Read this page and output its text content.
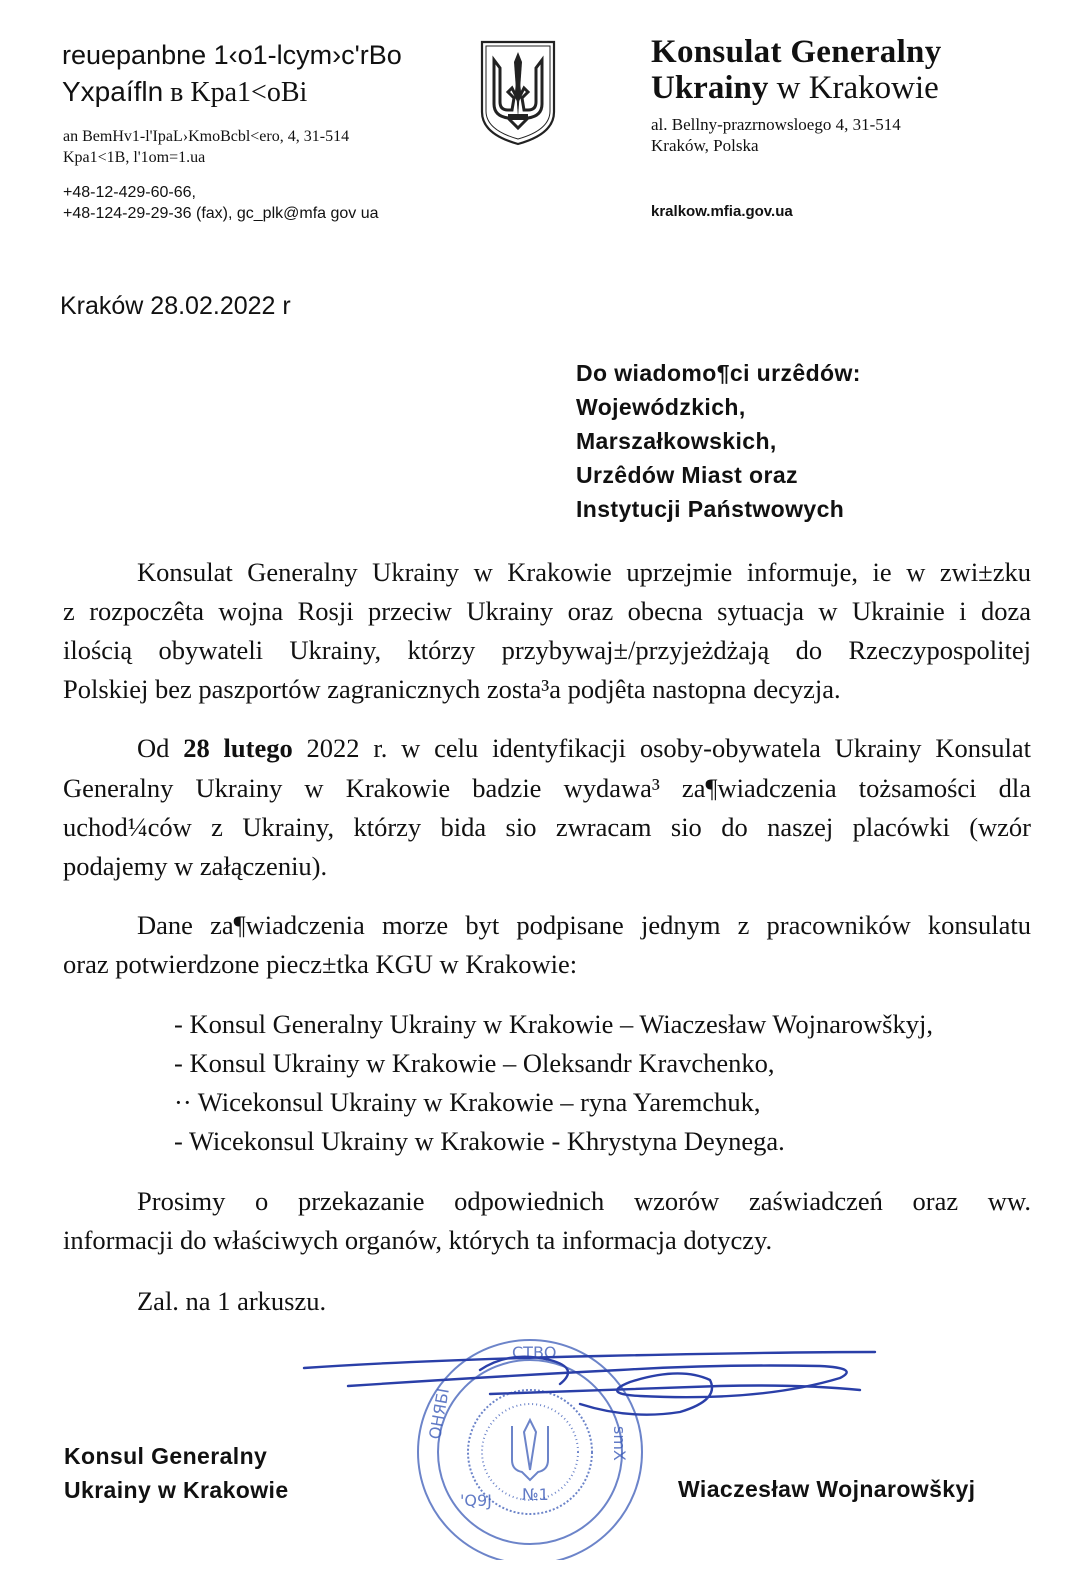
reuepanbne 1‹o1-lcym›c'rBo
Yxpaífln в Kpa1<oBi
an BemHv1-l'IpaL›KmoBcbl<ero, 4, 31-514
Kpa1<1B, l'1om=1.ua
+48-12-429-60-66,
+48-124-29-29-36 (fax), gc_plk@mfa gov ua
Konsulat Generalny
Ukrainy w Krakowie
al. Bellny-prazrnowsloego 4, 31-514
Kraków, Polska
kralkow.mfia.gov.ua
Kraków 28.02.2022 r
Do wiadomo¶ci urzêdów:
Wojewódzkich,
Marszałkowskich,
Urzêdów Miast oraz
Instytucji Państwowych
Konsulat Generalny Ukrainy w Krakowie uprzejmie informuje, ie w zwi±zku
z rozpoczêta wojna Rosji przeciw Ukrainy oraz obecna sytuacja w Ukrainie i doza
ilością obywateli Ukrainy, którzy przybywaj±/przyjeżdżają do Rzeczypospolitej
Polskiej bez paszportów zagranicznych zosta³a podjêta nastopna decyzja.
Od 28 lutego 2022 r. w celu identyfikacji osoby-obywatela Ukrainy Konsulat
Generalny Ukrainy w Krakowie badzie wydawa³ za¶wiadczenia tożsamości dla
uchod¼ców z Ukrainy, którzy bida sio zwracam sio do naszej placówki (wzór
podajemy w załączeniu).
Dane za¶wiadczenia morze byt podpisane jednym z pracowników konsulatu
oraz potwierdzone piecz±tka KGU w Krakowie:
- Konsul Generalny Ukrainy w Krakowie – Wiaczesław Wojnarowškyj,
- Konsul Ukrainy w Krakowie – Oleksandr Kravchenko,
·· Wicekonsul Ukrainy w Krakowie – ryna Yaremchuk,
- Wicekonsul Ukrainy w Krakowie - Khrystyna Deynega.
Prosimy o przekazanie odpowiednich wzorów zaświadczeń oraz ww.
informacji do właściwych organów, których ta informacja dotyczy.
Zal. na 1 arkuszu.
СТВО
№1
ОНЯБІ
smX
'Q9J
Konsul Generalny
Ukrainy w Krakowie	Wiaczesław Wojnarowškyj
